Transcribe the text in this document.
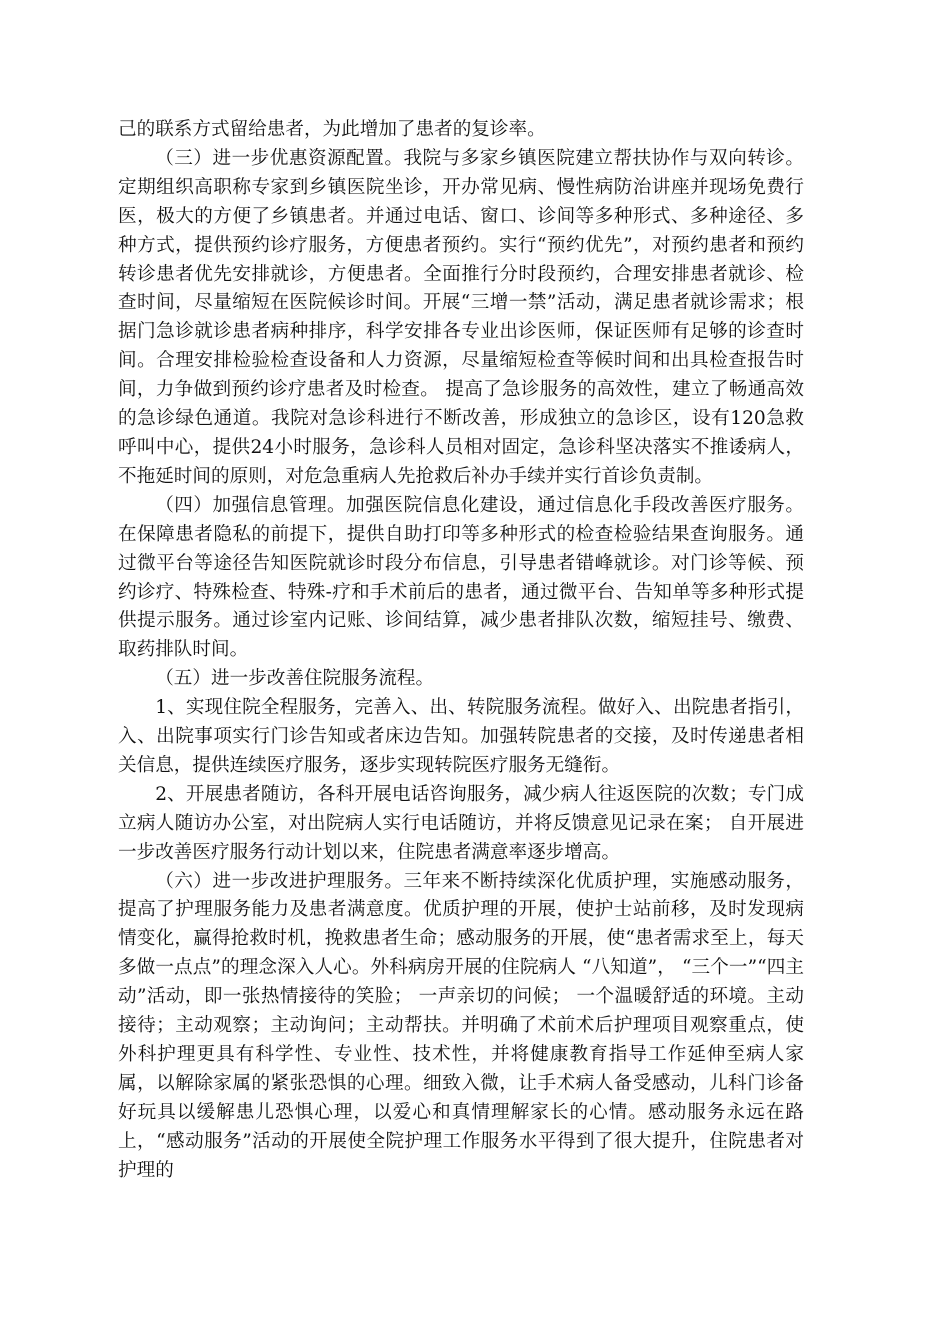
己的联系方式留给患者，为此增加了患者的复诊率。

（三）进一步优惠资源配置。我院与多家乡镇医院建立帮扶协作与双向转诊。定期组织高职称专家到乡镇医院坐诊，开办常见病、慢性病防治讲座并现场免费行医，极大的方便了乡镇患者。并通过电话、窗口、诊间等多种形式、多种途径、多种方式，提供预约诊疗服务，方便患者预约。实行“预约优先”，对预约患者和预约转诊患者优先安排就诊，方便患者。全面推行分时段预约，合理安排患者就诊、检查时间，尽量缩短在医院候诊时间。开展“三增一禁”活动，满足患者就诊需求；根据门急诊就诊患者病种排序，科学安排各专业出诊医师，保证医师有足够的诊查时间。合理安排检验检查设备和人力资源，尽量缩短检查等候时间和出具检查报告时间，力争做到预约诊疗患者及时检查。 提高了急诊服务的高效性，建立了畅通高效的急诊绿色通道。我院对急诊科进行不断改善，形成独立的急诊区，设有120急救呼叫中心，提供24小时服务，急诊科人员相对固定，急诊科坚决落实不推诿病人，不拖延时间的原则，对危急重病人先抢救后补办手续并实行首诊负责制。

（四）加强信息管理。加强医院信息化建设，通过信息化手段改善医疗服务。在保障患者隐私的前提下，提供自助打印等多种形式的检查检验结果查询服务。通过微平台等途径告知医院就诊时段分布信息，引导患者错峰就诊。对门诊等候、预约诊疗、特殊检查、特殊-疗和手术前后的患者，通过微平台、告知单等多种形式提供提示服务。通过诊室内记账、诊间结算，减少患者排队次数，缩短挂号、缴费、取药排队时间。

（五）进一步改善住院服务流程。

1、实现住院全程服务，完善入、出、转院服务流程。做好入、出院患者指引，入、出院事项实行门诊告知或者床边告知。加强转院患者的交接，及时传递患者相关信息，提供连续医疗服务，逐步实现转院医疗服务无缝衔。

2、开展患者随访，各科开展电话咨询服务，减少病人往返医院的次数；专门成立病人随访办公室，对出院病人实行电话随访，并将反馈意见记录在案； 自开展进一步改善医疗服务行动计划以来，住院患者满意率逐步增高。

（六）进一步改进护理服务。三年来不断持续深化优质护理，实施感动服务，提高了护理服务能力及患者满意度。优质护理的开展，使护士站前移，及时发现病情变化，赢得抢救时机，挽救患者生命；感动服务的开展，使“患者需求至上，每天多做一点点”的理念深入人心。外科病房开展的住院病人 “八知道”， “三个一”“四主动”活动，即一张热情接待的笑脸； 一声亲切的问候； 一个温暖舒适的环境。主动接待；主动观察；主动询问；主动帮扶。并明确了术前术后护理项目观察重点，使外科护理更具有科学性、专业性、技术性，并将健康教育指导工作延伸至病人家属，以解除家属的紧张恐惧的心理。细致入微，让手术病人备受感动，儿科门诊备好玩具以缓解患儿恐惧心理，以爱心和真情理解家长的心情。感动服务永远在路上，“感动服务”活动的开展使全院护理工作服务水平得到了很大提升，住院患者对护理的
